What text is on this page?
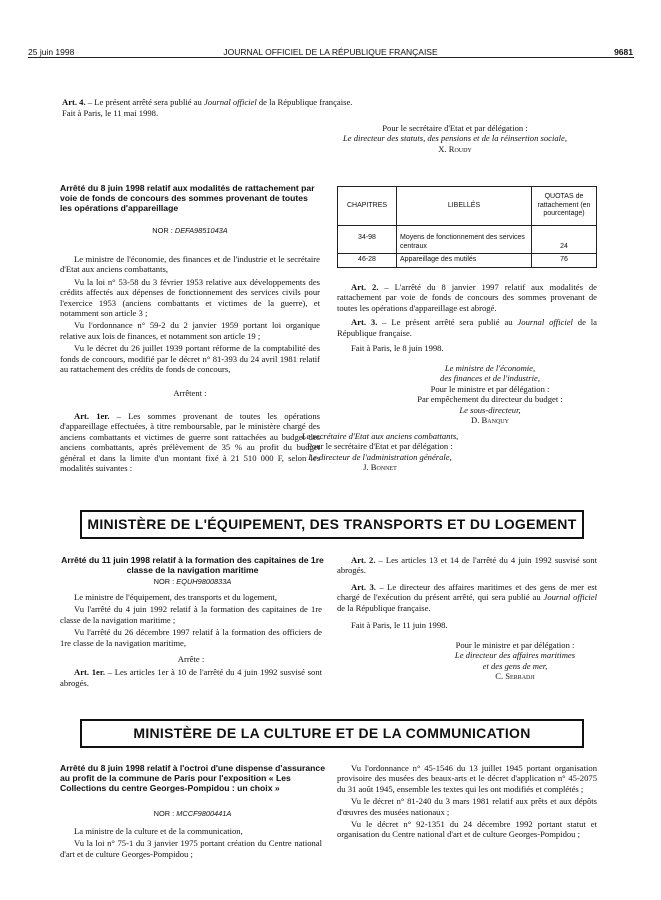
25 juin 1998	JOURNAL OFFICIEL DE LA RÉPUBLIQUE FRANÇAISE	9681

Art. 4. – Le présent arrêté sera publié au Journal officiel de la République française.

Fait à Paris, le 11 mai 1998.

Pour le secrétaire d'Etat et par délégation :
Le directeur des statuts, des pensions et de la réinsertion sociale,
X. Roudy
Arrêté du 8 juin 1998 relatif aux modalités de rattachement par voie de fonds de concours des sommes provenant de toutes les opérations d'appareillage
NOR : DEFA9851043A

Le ministre de l'économie, des finances et de l'industrie et le secrétaire d'Etat aux anciens combattants,

Vu la loi n° 53-58 du 3 février 1953 relative aux développements des crédits affectés aux dépenses de fonctionnement des services civils pour l'exercice 1953 (anciens combattants et victimes de la guerre), et notamment son article 3 ;

Vu l'ordonnance n° 59-2 du 2 janvier 1959 portant loi organique relative aux lois de finances, et notamment son article 19 ;

Vu le décret du 26 juillet 1939 portant réforme de la comptabilité des fonds de concours, modifié par le décret n° 81-393 du 24 avril 1981 relatif au rattachement des crédits de fonds de concours,

Arrêtent :

Art. 1er. – Les sommes provenant de toutes les opérations d'appareillage effectuées, à titre remboursable, par le ministère chargé des anciens combattants et victimes de guerre sont rattachées au budget des anciens combattants, après prélèvement de 35 % au profit du budget général et dans la limite d'un montant fixé à 21 510 000 F, selon les modalités suivantes :

CHAPITRES	LIBELLÉS	QUOTAS de rattachement (en pourcentage)
34-98	Moyens de fonctionnement des services centraux	24
46-28	Appareillage des mutilés	76

Art. 2. – L'arrêté du 8 janvier 1997 relatif aux modalités de rattachement par voie de fonds de concours des sommes provenant de toutes les opérations d'appareillage est abrogé.

Art. 3. – Le présent arrêté sera publié au Journal officiel de la République française.

Fait à Paris, le 8 juin 1998.

Le ministre de l'économie,
des finances et de l'industrie,
Pour le ministre et par délégation :
Par empêchement du directeur du budget :
Le sous-directeur,
D. Banquy
Le secrétaire d'Etat aux anciens combattants,
Pour le secrétaire d'Etat et par délégation :
Le directeur de l'administration générale,
J. Bonnet
MINISTÈRE DE L'ÉQUIPEMENT, DES TRANSPORTS ET DU LOGEMENT
Arrêté du 11 juin 1998 relatif à la formation des capitaines de 1re classe de la navigation maritime
NOR : EQUH9800833A

Le ministre de l'équipement, des transports et du logement,

Vu l'arrêté du 4 juin 1992 relatif à la formation des capitaines de 1re classe de la navigation maritime ;

Vu l'arrêté du 26 décembre 1997 relatif à la formation des officiers de 1re classe de la navigation maritime,

Arrête :

Art. 1er. – Les articles 1er à 10 de l'arrêté du 4 juin 1992 susvisé sont abrogés.

Art. 2. – Les articles 13 et 14 de l'arrêté du 4 juin 1992 susvisé sont abrogés.

Art. 3. – Le directeur des affaires maritimes et des gens de mer est chargé de l'exécution du présent arrêté, qui sera publié au Journal officiel de la République française.

Fait à Paris, le 11 juin 1998.

Pour le ministre et par délégation :
Le directeur des affaires maritimes
et des gens de mer,
C. Serradji
MINISTÈRE DE LA CULTURE ET DE LA COMMUNICATION
Arrêté du 8 juin 1998 relatif à l'octroi d'une dispense d'assurance au profit de la commune de Paris pour l'exposition « Les Collections du centre Georges-Pompidou : un choix »
NOR : MCCF9800441A

La ministre de la culture et de la communication,

Vu la loi n° 75-1 du 3 janvier 1975 portant création du Centre national d'art et de culture Georges-Pompidou ;

Vu l'ordonnance n° 45-1546 du 13 juillet 1945 portant organisation provisoire des musées des beaux-arts et le décret d'application n° 45-2075 du 31 août 1945, ensemble les textes qui les ont modifiés et complétés ;

Vu le décret n° 81-240 du 3 mars 1981 relatif aux prêts et aux dépôts d'œuvres des musées nationaux ;

Vu le décret n° 92-1351 du 24 décembre 1992 portant statut et organisation du Centre national d'art et de culture Georges-Pompidou ;
